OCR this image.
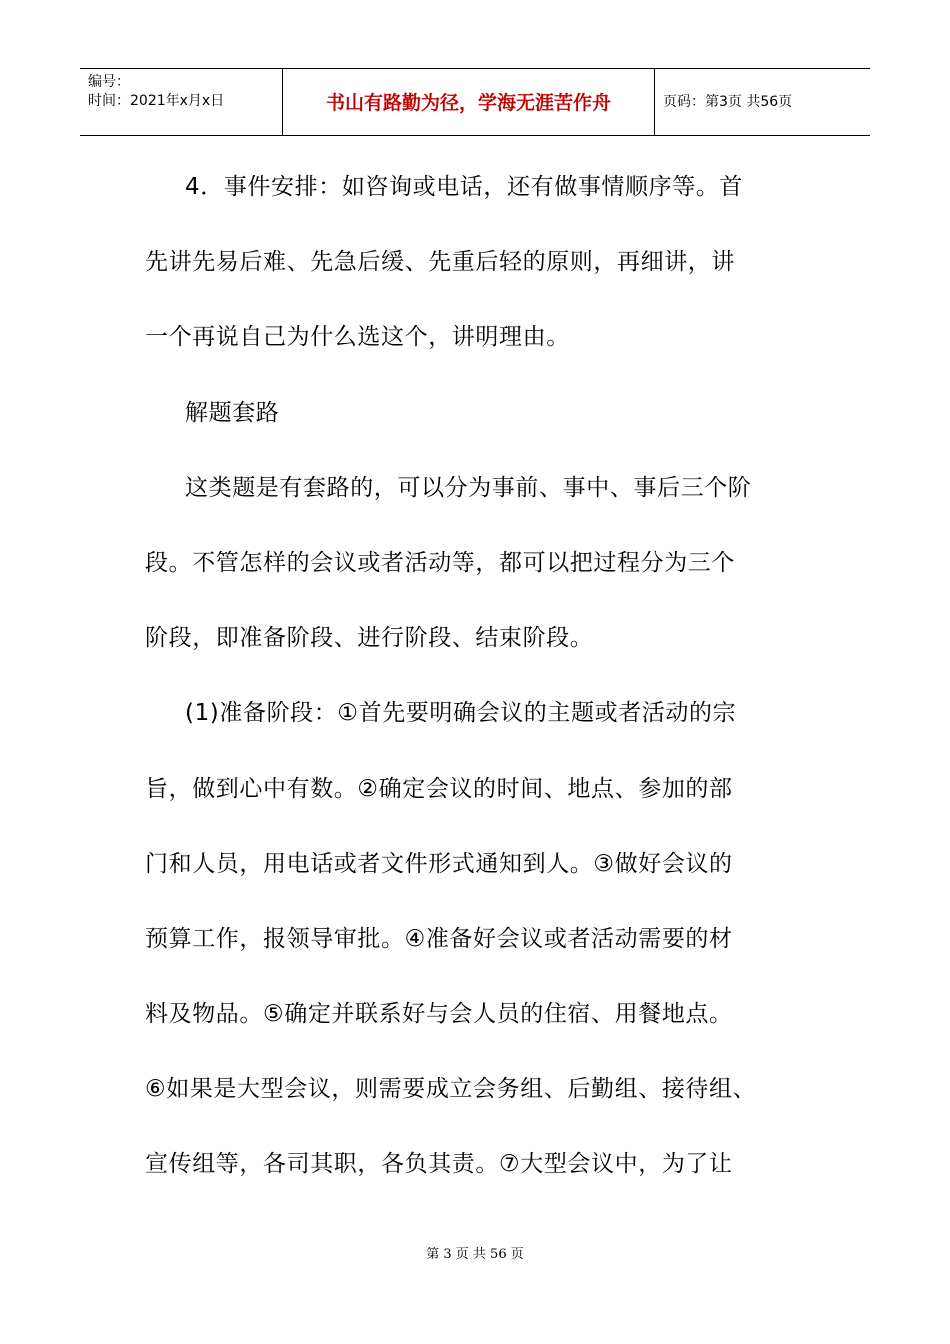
编号：
时间：2021年x月x日	书山有路勤为径，学海无涯苦作舟	页码：第3页 共56页
4．事件安排：如咨询或电话，还有做事情顺序等。首
先讲先易后难、先急后缓、先重后轻的原则，再细讲，讲
一个再说自己为什么选这个，讲明理由。
解题套路
这类题是有套路的，可以分为事前、事中、事后三个阶
段。不管怎样的会议或者活动等，都可以把过程分为三个
阶段，即准备阶段、进行阶段、结束阶段。
(1)准备阶段：①首先要明确会议的主题或者活动的宗
旨，做到心中有数。②确定会议的时间、地点、参加的部
门和人员，用电话或者文件形式通知到人。③做好会议的
预算工作，报领导审批。④准备好会议或者活动需要的材
料及物品。⑤确定并联系好与会人员的住宿、用餐地点。
⑥如果是大型会议，则需要成立会务组、后勤组、接待组、
宣传组等，各司其职，各负其责。⑦大型会议中，为了让
第 3 页 共 56 页
